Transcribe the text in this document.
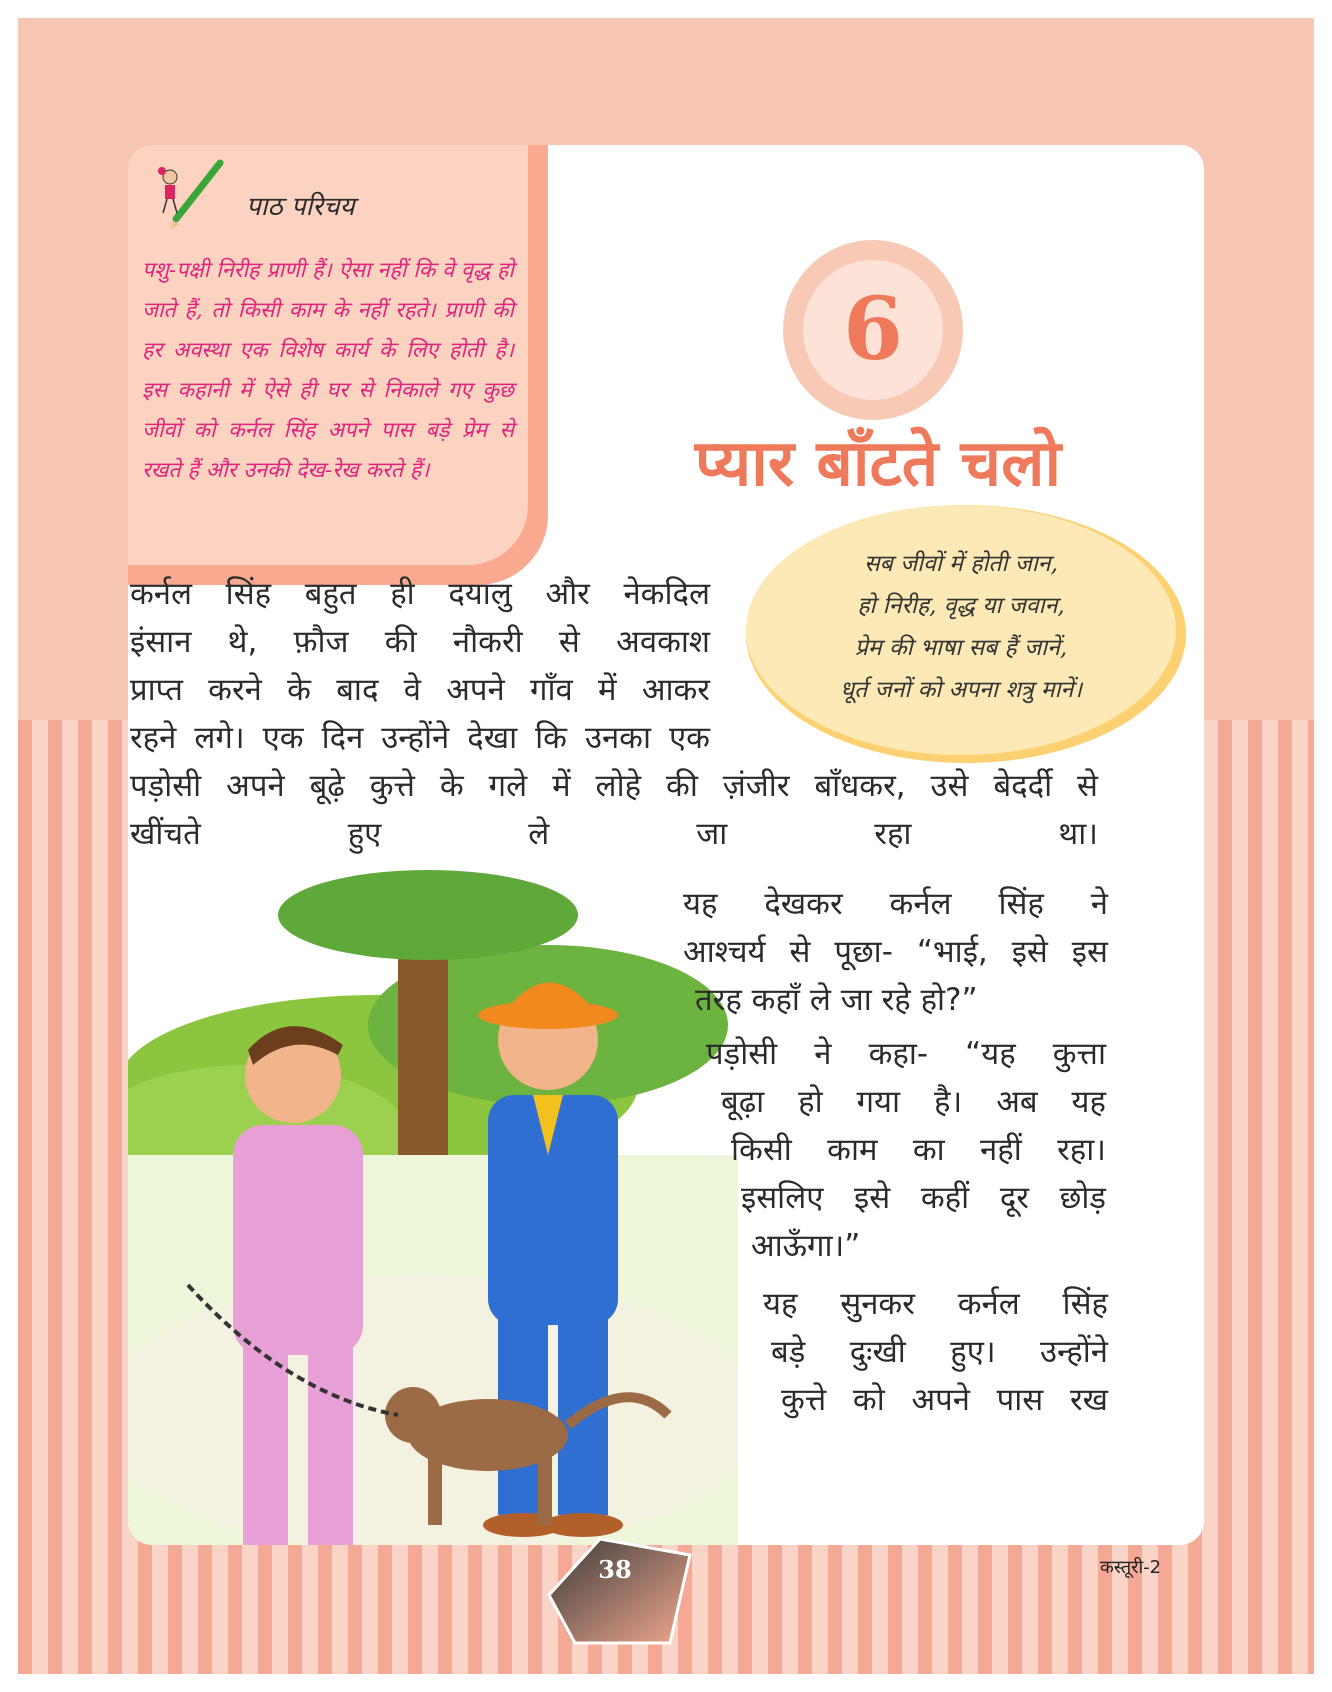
पाठ परिचय
पशु-पक्षी निरीह प्राणी हैं। ऐसा नहीं कि वे वृद्ध हो जाते हैं, तो किसी काम के नहीं रहते। प्राणी की हर अवस्था एक विशेष कार्य के लिए होती है। इस कहानी में ऐसे ही घर से निकाले गए कुछ जीवों को कर्नल सिंह अपने पास बड़े प्रेम से रखते हैं और उनकी देख-रेख करते हैं।
6
प्यार बाँटते चलो
सब जीवों में होती जान,
हो निरीह, वृद्ध या जवान,
प्रेम की भाषा सब हैं जानें,
धूर्त जनों को अपना शत्रु मानें।
कर्नल सिंह बहुत ही दयालु और नेकदिल
इंसान थे, फ़ौज की नौकरी से अवकाश
प्राप्त करने के बाद वे अपने गाँव में आकर
रहने लगे। एक दिन उन्होंने देखा कि उनका एक
पड़ोसी अपने बूढ़े कुत्ते के गले में लोहे की ज़ंजीर बाँधकर, उसे बेदर्दी से
खींचते हुए ले जा रहा था।
यह देखकर कर्नल सिंह ने
आश्चर्य से पूछा- “भाई, इसे इस
तरह कहाँ ले जा रहे हो?”
पड़ोसी ने कहा- “यह कुत्ता
बूढ़ा हो गया है। अब यह
किसी काम का नहीं रहा।
इसलिए इसे कहीं दूर छोड़
आऊँगा।”
यह सुनकर कर्नल सिंह
बड़े दुःखी हुए। उन्होंने
कुत्ते को अपने पास रख
38	कस्तूरी-2
